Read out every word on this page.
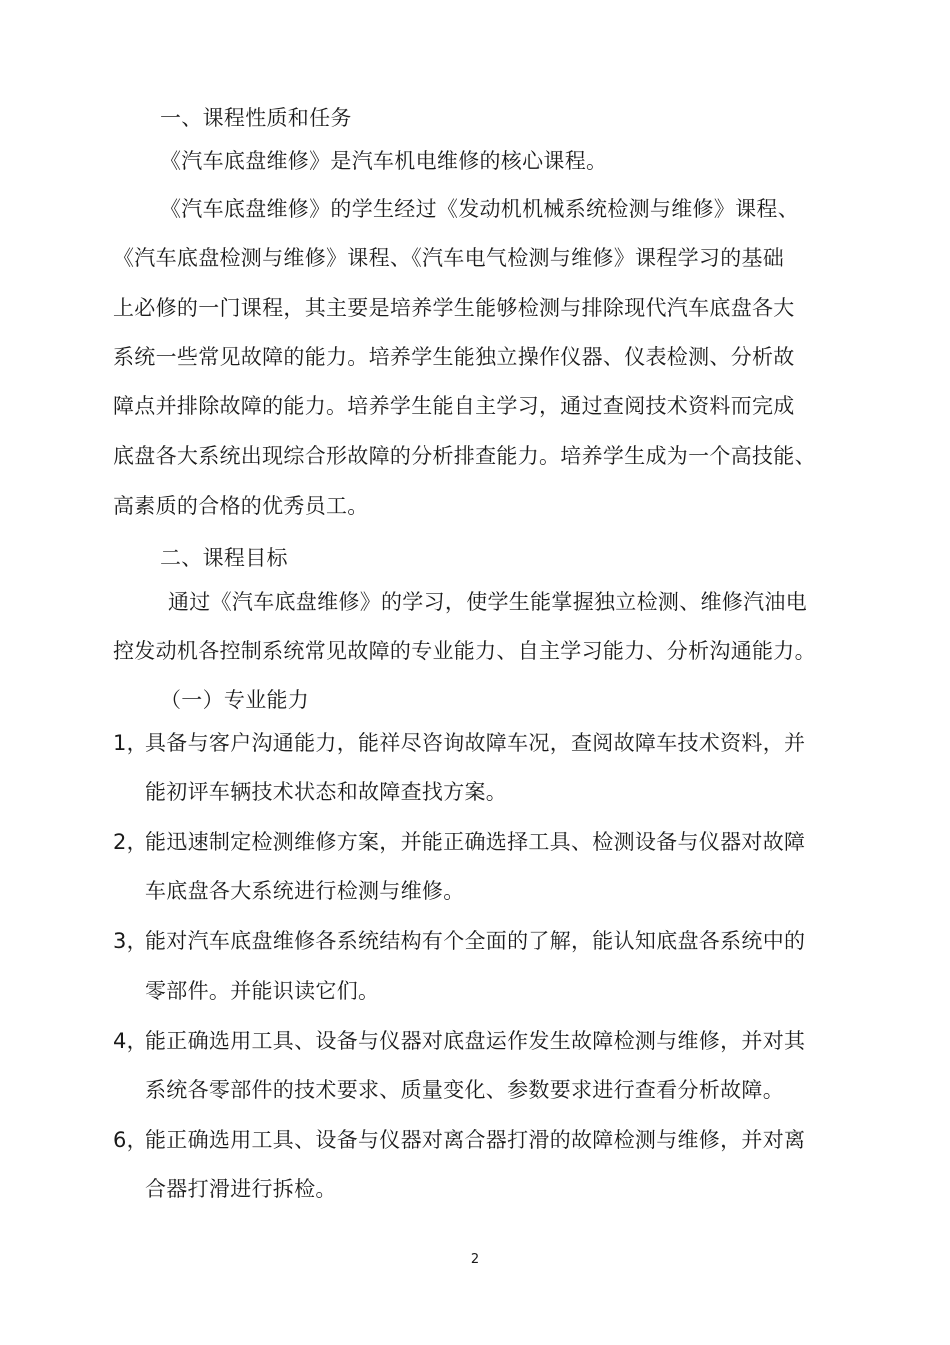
一、课程性质和任务
《汽车底盘维修》是汽车机电维修的核心课程。
《汽车底盘维修》的学生经过《发动机机械系统检测与维修》课程、
《汽车底盘检测与维修》课程、《汽车电气检测与维修》课程学习的基础
上必修的一门课程，其主要是培养学生能够检测与排除现代汽车底盘各大
系统一些常见故障的能力。培养学生能独立操作仪器、仪表检测、分析故
障点并排除故障的能力。培养学生能自主学习，通过查阅技术资料而完成
底盘各大系统出现综合形故障的分析排查能力。培养学生成为一个高技能、
高素质的合格的优秀员工。
二、课程目标
通过《汽车底盘维修》的学习，使学生能掌握独立检测、维修汽油电
控发动机各控制系统常见故障的专业能力、自主学习能力、分析沟通能力。
（一）专业能力
1，
具备与客户沟通能力，能祥尽咨询故障车况，查阅故障车技术资料，并
能初评车辆技术状态和故障查找方案。
2，
能迅速制定检测维修方案，并能正确选择工具、检测设备与仪器对故障
车底盘各大系统进行检测与维修。
3，
能对汽车底盘维修各系统结构有个全面的了解，能认知底盘各系统中的
零部件。并能识读它们。
4，
能正确选用工具、设备与仪器对底盘运作发生故障检测与维修，并对其
系统各零部件的技术要求、质量变化、参数要求进行查看分析故障。
6，
能正确选用工具、设备与仪器对离合器打滑的故障检测与维修，并对离
合器打滑进行拆检。
2
